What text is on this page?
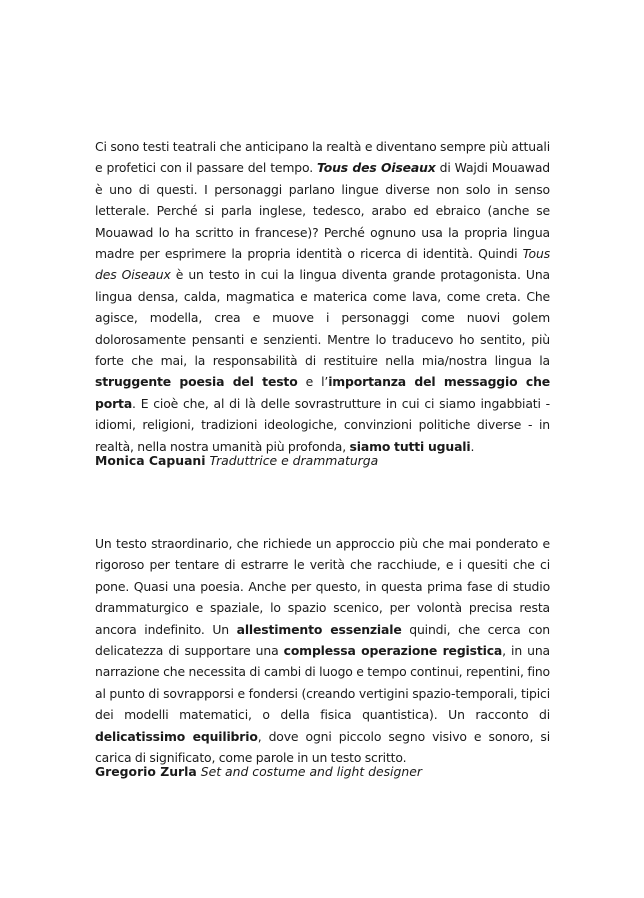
Ci sono testi teatrali che anticipano la realtà e diventano sempre più attuali e profetici con il passare del tempo. Tous des Oiseaux di Wajdi Mouawad è uno di questi. I personaggi parlano lingue diverse non solo in senso letterale. Perché si parla inglese, tedesco, arabo ed ebraico (anche se Mouawad lo ha scritto in francese)? Perché ognuno usa la propria lingua madre per esprimere la propria identità o ricerca di identità. Quindi Tous des Oiseaux è un testo in cui la lingua diventa grande protagonista. Una lingua densa, calda, magmatica e materica come lava, come creta. Che agisce, modella, crea e muove i personaggi come nuovi golem dolorosamente pensanti e senzienti. Mentre lo traducevo ho sentito, più forte che mai, la responsabilità di restituire nella mia/nostra lingua la struggente poesia del testo e l’importanza del messaggio che porta. E cioè che, al di là delle sovrastrutture in cui ci siamo ingabbiati - idiomi, religioni, tradizioni ideologiche, convinzioni politiche diverse - in realtà, nella nostra umanità più profonda, siamo tutti uguali.

Monica Capuani Traduttrice e drammaturga

Un testo straordinario, che richiede un approccio più che mai ponderato e rigoroso per tentare di estrarre le verità che racchiude, e i quesiti che ci pone. Quasi una poesia. Anche per questo, in questa prima fase di studio drammaturgico e spaziale, lo spazio scenico, per volontà precisa resta ancora indefinito. Un allestimento essenziale quindi, che cerca con delicatezza di supportare una complessa operazione registica, in una narrazione che necessita di cambi di luogo e tempo continui, repentini, fino al punto di sovrapporsi e fondersi (creando vertigini spazio-temporali, tipici dei modelli matematici, o della fisica quantistica). Un racconto di delicatissimo equilibrio, dove ogni piccolo segno visivo e sonoro, si carica di significato, come parole in un testo scritto.

Gregorio Zurla Set and costume and light designer
